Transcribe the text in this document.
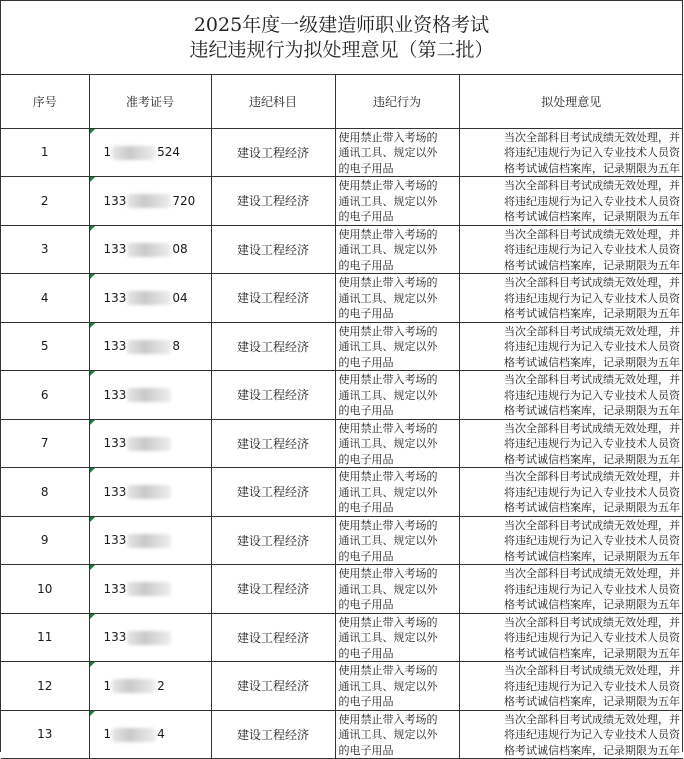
2025年度一级建造师职业资格考试
违纪违规行为拟处理意见（第二批）
序号	准考证号	违纪科目	违纪行为	拟处理意见
1	1 524	建设工程经济	使用禁止带入考场的
通讯工具、规定以外
的电子用品	当次全部科目考试成绩无效处理，并
将违纪违规行为记入专业技术人员资
格考试诚信档案库，记录期限为五年

2	133 720	建设工程经济	使用禁止带入考场的
通讯工具、规定以外
的电子用品	当次全部科目考试成绩无效处理，并
将违纪违规行为记入专业技术人员资
格考试诚信档案库，记录期限为五年

3	133 08	建设工程经济	使用禁止带入考场的
通讯工具、规定以外
的电子用品	当次全部科目考试成绩无效处理，并
将违纪违规行为记入专业技术人员资
格考试诚信档案库，记录期限为五年

4	133 04	建设工程经济	使用禁止带入考场的
通讯工具、规定以外
的电子用品	当次全部科目考试成绩无效处理，并
将违纪违规行为记入专业技术人员资
格考试诚信档案库，记录期限为五年

5	133 8	建设工程经济	使用禁止带入考场的
通讯工具、规定以外
的电子用品	当次全部科目考试成绩无效处理，并
将违纪违规行为记入专业技术人员资
格考试诚信档案库，记录期限为五年

6	133	建设工程经济	使用禁止带入考场的
通讯工具、规定以外
的电子用品	当次全部科目考试成绩无效处理，并
将违纪违规行为记入专业技术人员资
格考试诚信档案库，记录期限为五年

7	133	建设工程经济	使用禁止带入考场的
通讯工具、规定以外
的电子用品	当次全部科目考试成绩无效处理，并
将违纪违规行为记入专业技术人员资
格考试诚信档案库，记录期限为五年

8	133	建设工程经济	使用禁止带入考场的
通讯工具、规定以外
的电子用品	当次全部科目考试成绩无效处理，并
将违纪违规行为记入专业技术人员资
格考试诚信档案库，记录期限为五年

9	133	建设工程经济	使用禁止带入考场的
通讯工具、规定以外
的电子用品	当次全部科目考试成绩无效处理，并
将违纪违规行为记入专业技术人员资
格考试诚信档案库，记录期限为五年

10	133	建设工程经济	使用禁止带入考场的
通讯工具、规定以外
的电子用品	当次全部科目考试成绩无效处理，并
将违纪违规行为记入专业技术人员资
格考试诚信档案库，记录期限为五年

11	133	建设工程经济	使用禁止带入考场的
通讯工具、规定以外
的电子用品	当次全部科目考试成绩无效处理，并
将违纪违规行为记入专业技术人员资
格考试诚信档案库，记录期限为五年

12	1 2	建设工程经济	使用禁止带入考场的
通讯工具、规定以外
的电子用品	当次全部科目考试成绩无效处理，并
将违纪违规行为记入专业技术人员资
格考试诚信档案库，记录期限为五年

13	1 4	建设工程经济	使用禁止带入考场的
通讯工具、规定以外
的电子用品	当次全部科目考试成绩无效处理，并
将违纪违规行为记入专业技术人员资
格考试诚信档案库，记录期限为五年
